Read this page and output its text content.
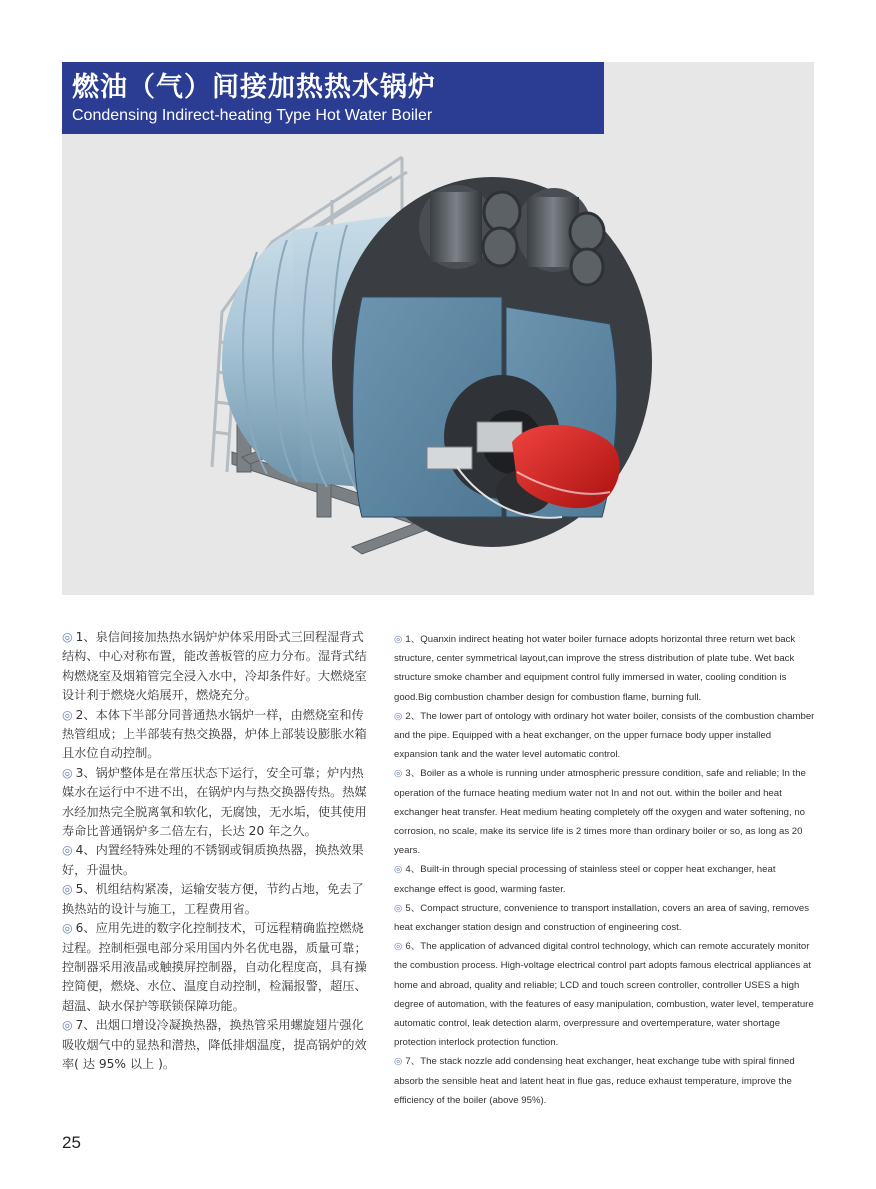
燃油（气）间接加热热水锅炉
Condensing Indirect-heating Type Hot Water Boiler

◎ 1、泉信间接加热热水锅炉炉体采用卧式三回程湿背式结构、中心对称布置，能改善板管的应力分布。湿背式结构燃烧室及烟箱管完全浸入水中，冷却条件好。大燃烧室设计利于燃烧火焰展开，燃烧充分。

◎ 2、本体下半部分同普通热水锅炉一样，由燃烧室和传热管组成；上半部装有热交换器，炉体上部装设膨胀水箱且水位自动控制。

◎ 3、锅炉整体是在常压状态下运行，安全可靠；炉内热媒水在运行中不进不出，在锅炉内与热交换器传热。热媒水经加热完全脱离氧和软化，无腐蚀，无水垢，使其使用寿命比普通锅炉多二倍左右，长达 20 年之久。

◎ 4、内置经特殊处理的不锈钢或铜质换热器，换热效果好，升温快。

◎ 5、机组结构紧凑，运输安装方便，节约占地，免去了换热站的设计与施工，工程费用省。

◎ 6、应用先进的数字化控制技术，可远程精确监控燃烧过程。控制柜强电部分采用国内外名优电器，质量可靠；控制器采用液晶或触摸屏控制器，自动化程度高，具有操控简便，燃烧、水位、温度自动控制，检漏报警，超压、超温、缺水保护等联锁保障功能。

◎ 7、出烟口增设冷凝换热器，换热管采用螺旋翅片强化吸收烟气中的显热和潜热，降低排烟温度，提高锅炉的效率( 达 95% 以上 )。

◎ 1、Quanxin indirect heating hot water boiler furnace adopts horizontal three return wet back structure, center symmetrical layout,can improve the stress distribution of plate tube. Wet back structure smoke chamber and equipment control fully immersed in water, cooling condition is good.Big combustion chamber design for combustion flame, burning full.

◎ 2、The lower part of ontology with ordinary hot water boiler, consists of the combustion chamber and the pipe. Equipped with a heat exchanger, on the upper furnace body upper installed expansion tank and the water level automatic control.

◎ 3、Boiler as a whole is running under atmospheric pressure condition, safe and reliable; In the operation of the furnace heating medium water not In and not out. within the boiler and heat exchanger heat transfer. Heat medium heating completely off the oxygen and water softening, no corrosion, no scale, make its service life is 2 times more than ordinary boiler or so, as long as 20 years.

◎ 4、Built-in through special processing of stainless steel or copper heat exchanger, heat exchange effect is good, warming faster.

◎ 5、Compact structure, convenience to transport installation, covers an area of saving, removes heat exchanger station design and construction of engineering cost.

◎ 6、The application of advanced digital control technology, which can remote accurately monitor the combustion process. High-voltage electrical control part adopts famous electrical appliances at home and abroad, quality and reliable; LCD and touch screen controller, controller USES a high degree of automation, with the features of easy manipulation, combustion, water level, temperature automatic control, leak detection alarm, overpressure and overtemperature, water shortage protection interlock protection function.

◎ 7、The stack nozzle add condensing heat exchanger, heat exchange tube with spiral finned absorb the sensible heat and latent heat in flue gas, reduce exhaust temperature, improve the efficiency of the boiler (above 95%).

25
